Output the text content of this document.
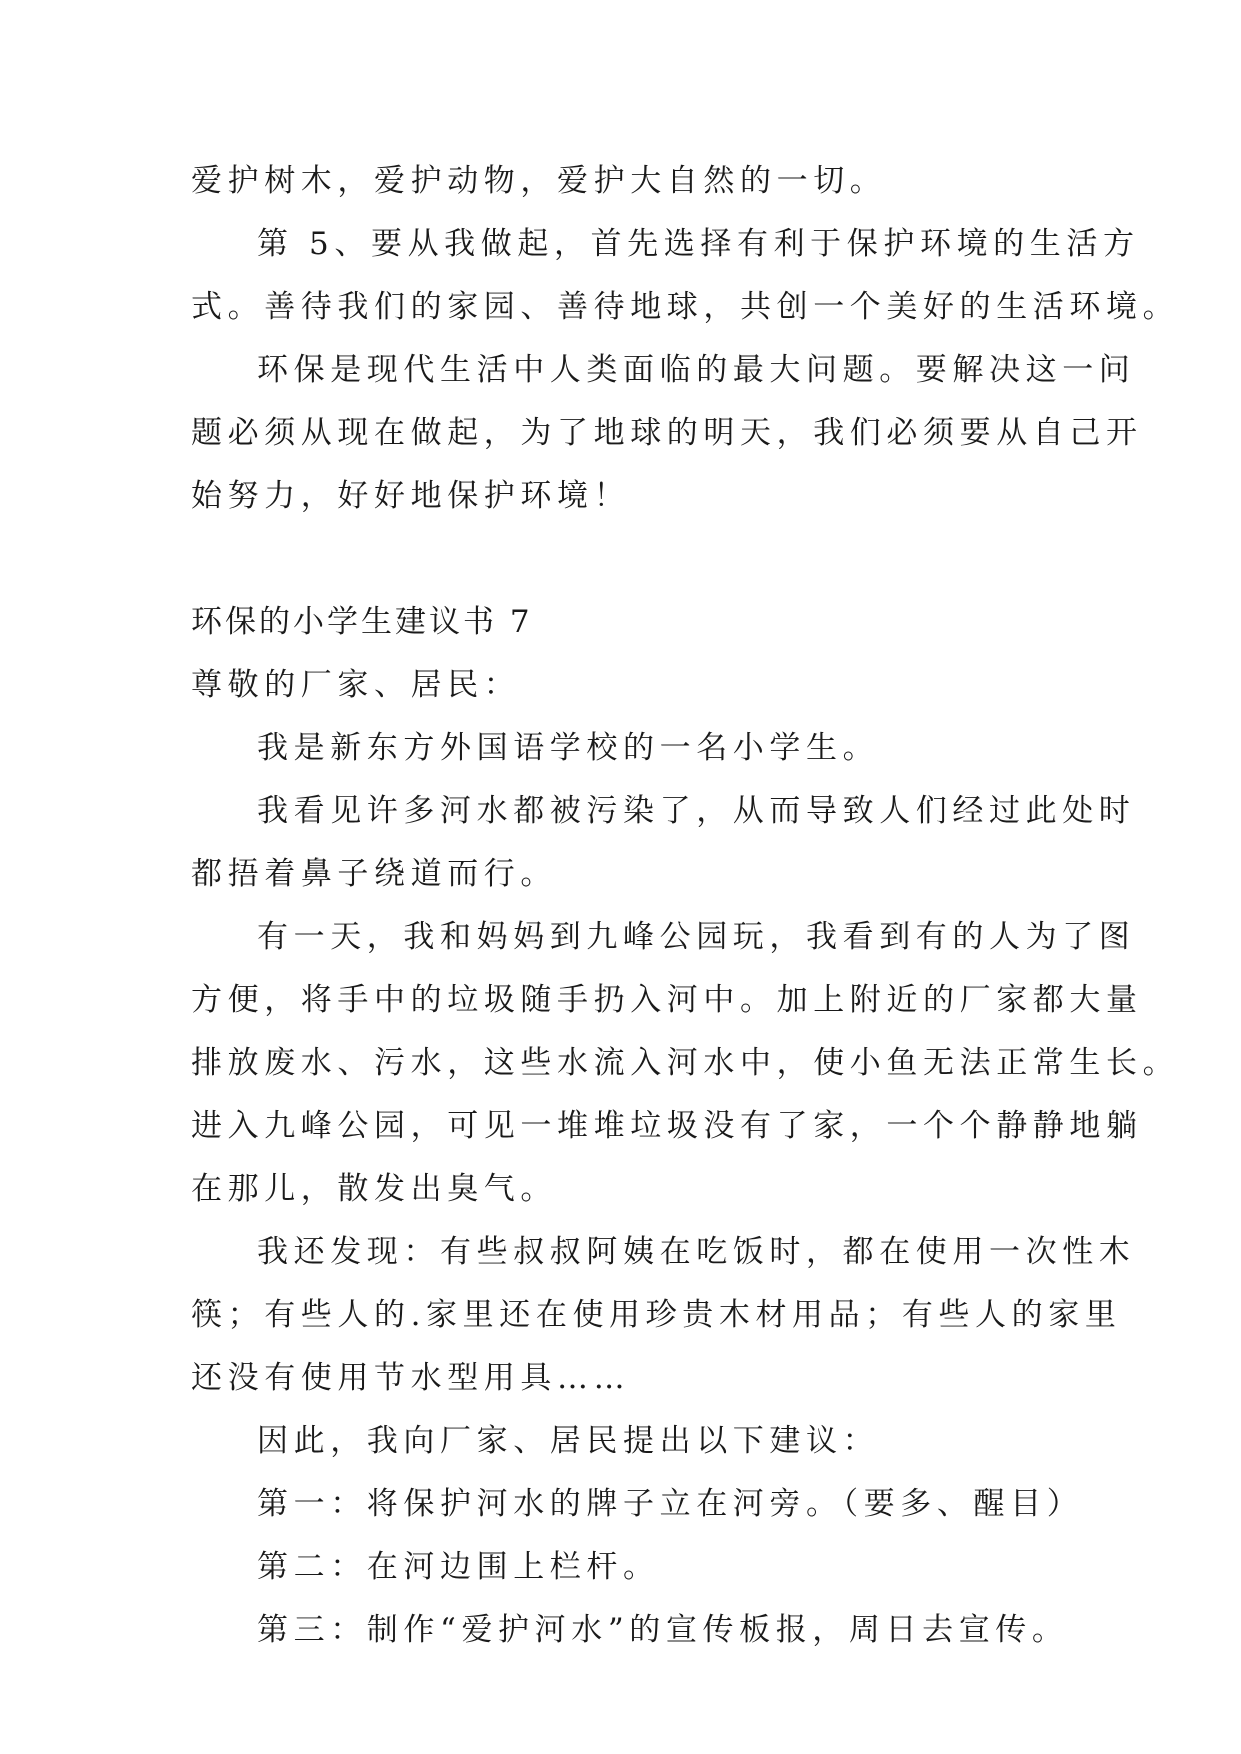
爱护树木，爱护动物，爱护大自然的一切。
第 5、要从我做起，首先选择有利于保护环境的生活方
式。善待我们的家园、善待地球，共创一个美好的生活环境。
环保是现代生活中人类面临的最大问题。要解决这一问
题必须从现在做起，为了地球的明天，我们必须要从自己开
始努力，好好地保护环境！
环保的小学生建议书 7
尊敬的厂家、居民：
我是新东方外国语学校的一名小学生。
我看见许多河水都被污染了，从而导致人们经过此处时
都捂着鼻子绕道而行。
有一天，我和妈妈到九峰公园玩，我看到有的人为了图
方便，将手中的垃圾随手扔入河中。加上附近的厂家都大量
排放废水、污水，这些水流入河水中，使小鱼无法正常生长。
进入九峰公园，可见一堆堆垃圾没有了家，一个个静静地躺
在那儿，散发出臭气。
我还发现：有些叔叔阿姨在吃饭时，都在使用一次性木
筷；有些人的.家里还在使用珍贵木材用品；有些人的家里
还没有使用节水型用具……
因此，我向厂家、居民提出以下建议：
第一：将保护河水的牌子立在河旁。（要多、醒目）
第二：在河边围上栏杆。
第三：制作“爱护河水”的宣传板报，周日去宣传。
